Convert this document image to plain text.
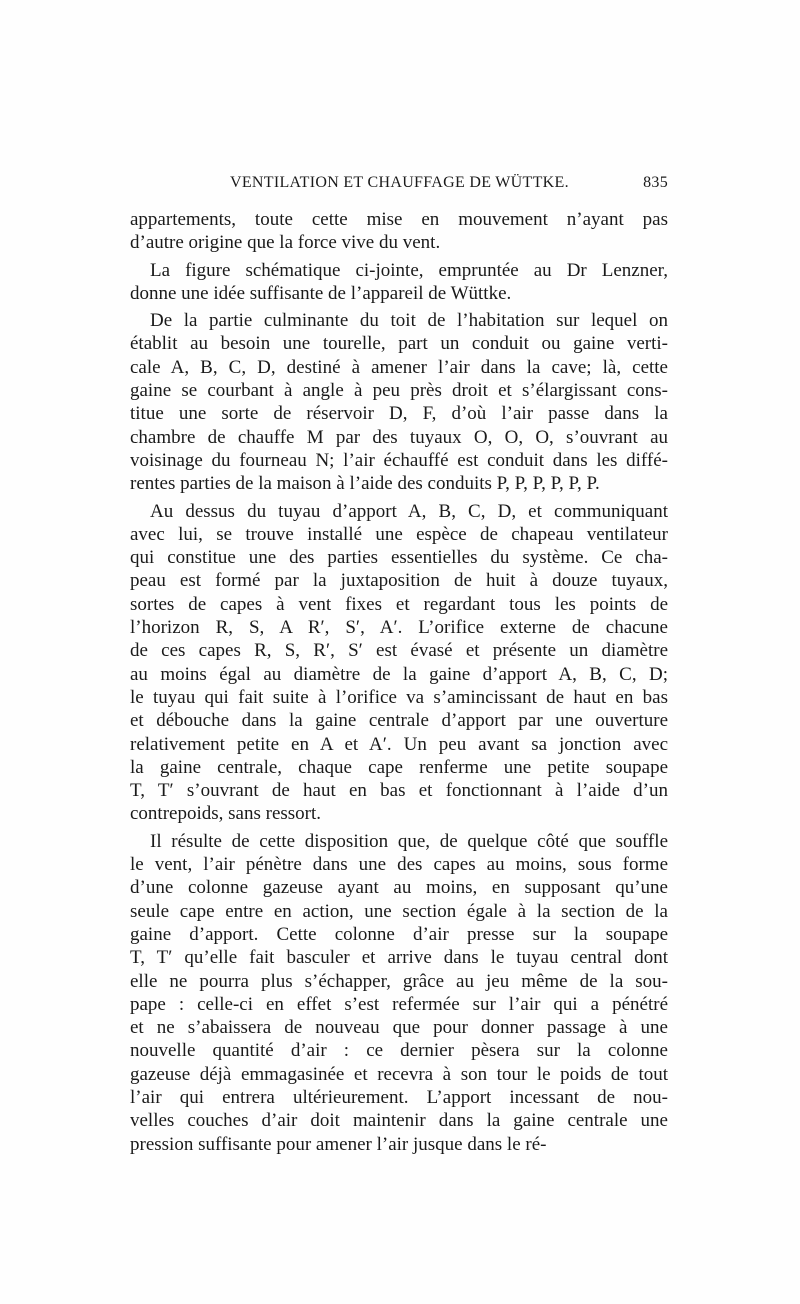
VENTILATION ET CHAUFFAGE DE WÜTTKE.	835
appartements, toute cette mise en mouvement n’ayant pas
d’autre origine que la force vive du vent.
La figure schématique ci-jointe, empruntée au Dr Lenzner,
donne une idée suffisante de l’appareil de Wüttke.
De la partie culminante du toit de l’habitation sur lequel on
établit au besoin une tourelle, part un conduit ou gaine verti-
cale A, B, C, D, destiné à amener l’air dans la cave; là, cette
gaine se courbant à angle à peu près droit et s’élargissant cons-
titue une sorte de réservoir D, F, d’où l’air passe dans la
chambre de chauffe M par des tuyaux O, O, O, s’ouvrant au
voisinage du fourneau N; l’air échauffé est conduit dans les diffé-
rentes parties de la maison à l’aide des conduits P, P, P, P, P, P.
Au dessus du tuyau d’apport A, B, C, D, et communiquant
avec lui, se trouve installé une espèce de chapeau ventilateur
qui constitue une des parties essentielles du système. Ce cha-
peau est formé par la juxtaposition de huit à douze tuyaux,
sortes de capes à vent fixes et regardant tous les points de
l’horizon R, S, A R′, S′, A′. L’orifice externe de chacune
de ces capes R, S, R′, S′ est évasé et présente un diamètre
au moins égal au diamètre de la gaine d’apport A, B, C, D;
le tuyau qui fait suite à l’orifice va s’amincissant de haut en bas
et débouche dans la gaine centrale d’apport par une ouverture
relativement petite en A et A′. Un peu avant sa jonction avec
la gaine centrale, chaque cape renferme une petite soupape
T, T′ s’ouvrant de haut en bas et fonctionnant à l’aide d’un
contrepoids, sans ressort.
Il résulte de cette disposition que, de quelque côté que souffle
le vent, l’air pénètre dans une des capes au moins, sous forme
d’une colonne gazeuse ayant au moins, en supposant qu’une
seule cape entre en action, une section égale à la section de la
gaine d’apport. Cette colonne d’air presse sur la soupape
T, T′ qu’elle fait basculer et arrive dans le tuyau central dont
elle ne pourra plus s’échapper, grâce au jeu même de la sou-
pape : celle-ci en effet s’est refermée sur l’air qui a pénétré
et ne s’abaissera de nouveau que pour donner passage à une
nouvelle quantité d’air : ce dernier pèsera sur la colonne
gazeuse déjà emmagasinée et recevra à son tour le poids de tout
l’air qui entrera ultérieurement. L’apport incessant de nou-
velles couches d’air doit maintenir dans la gaine centrale une
pression suffisante pour amener l’air jusque dans le ré-
